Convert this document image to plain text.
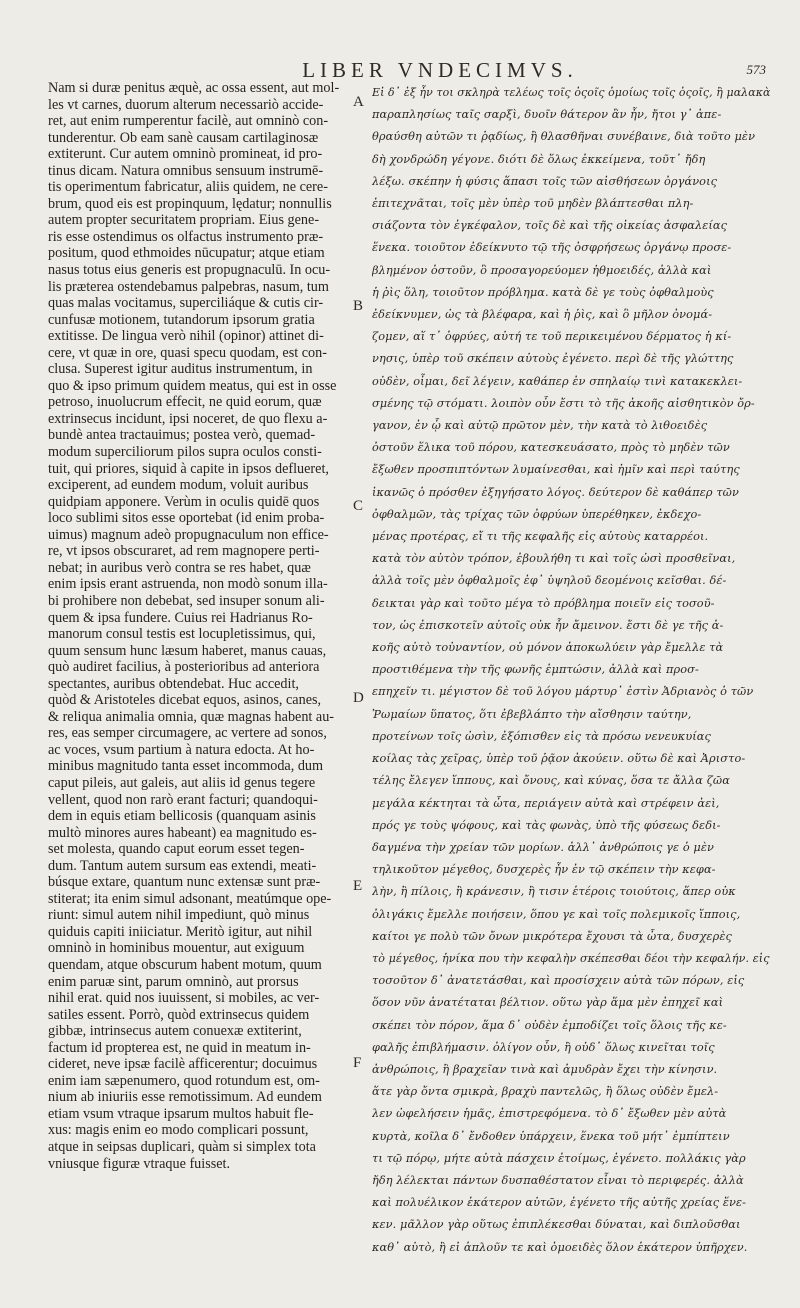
LIBER VNDECIMVS.	573
Nam si duræ penitus æquè, ac ossa essent, aut mol-
les vt carnes, duorum alterum necessariò accide-
ret, aut enim rumperentur facilè, aut omninò con-
tunderentur. Ob eam sanè causam cartilaginosæ
extiterunt. Cur autem omninò promineat, id pro-
tinus dicam. Natura omnibus sensuum instrumē-
tis operimentum fabricatur, aliis quidem, ne cere-
brum, quod eis est propinquum, lędatur; nonnullis
autem propter securitatem propriam. Eius gene-
ris esse ostendimus os olfactus instrumento præ-
positum, quod ethmoides nūcupatur; atque etiam
nasus totus eius generis est propugnaculū. In ocu-
lis præterea ostendebamus palpebras, nasum, tum
quas malas vocitamus, superciliáque & cutis cir-
cunfusæ motionem, tutandorum ipsorum gratia
extitisse. De lingua verò nihil (opinor) attinet di-
cere, vt quæ in ore, quasi specu quodam, est con-
clusa. Superest igitur auditus instrumentum, in
quo & ipso primum quidem meatus, qui est in osse
petroso, inuolucrum effecit, ne quid eorum, quæ
extrinsecus incidunt, ipsi noceret, de quo flexu a-
bundè antea tractauimus; postea verò, quemad-
modum superciliorum pilos supra oculos consti-
tuit, qui priores, siquid à capite in ipsos deflueret,
exciperent, ad eundem modum, voluit auribus
quidpiam apponere. Verùm in oculis quidē quos
loco sublimi sitos esse oportebat (id enim proba-
uimus) magnum adeò propugnaculum non effice-
re, vt ipsos obscuraret, ad rem magnopere perti-
nebat; in auribus verò contra se res habet, quæ
enim ipsis erant astruenda, non modò sonum illa-
bi prohibere non debebat, sed insuper sonum ali-
quem & ipsa fundere. Cuius rei Hadrianus Ro-
manorum consul testis est locupletissimus, qui,
quum sensum hunc læsum haberet, manus cauas,
quò audiret facilius, à posterioribus ad anteriora
spectantes, auribus obtendebat. Huc accedit,
quòd & Aristoteles dicebat equos, asinos, canes,
& reliqua animalia omnia, quæ magnas habent au-
res, eas semper circumagere, ac vertere ad sonos,
ac voces, vsum partium à natura edocta. At ho-
minibus magnitudo tanta esset incommoda, dum
caput pileis, aut galeis, aut aliis id genus tegere
vellent, quod non rarò erant facturi; quandoqui-
dem in equis etiam bellicosis (quanquam asinis
multò minores aures habeant) ea magnitudo es-
set molesta, quando caput eorum esset tegen-
dum. Tantum autem sursum eas extendi, meati-
búsque extare, quantum nunc extensæ sunt præ-
stiterat; ita enim simul adsonant, meatúmque ope-
riunt: simul autem nihil impediunt, quò minus
quiduis capiti iniiciatur. Meritò igitur, aut nihil
omninò in hominibus mouentur, aut exiguum
quendam, atque obscurum habent motum, quum
enim paruæ sint, parum omninò, aut prorsus
nihil erat. quid nos iuuissent, si mobiles, ac ver-
satiles essent. Porrò, quòd extrinsecus quidem
gibbæ, intrinsecus autem conuexæ extiterint,
factum id propterea est, ne quid in meatum in-
cideret, neve ipsæ facilè afficerentur; docuimus
enim iam sæpenumero, quod rotundum est, om-
nium ab iniuriis esse remotissimum. Ad eundem
etiam vsum vtraque ipsarum multos habuit fle-
xus: magis enim eo modo complicari possunt,
atque in seipsas duplicari, quàm si simplex tota
vniusque figuræ vtraque fuisset.
A
B
C
D
E
F
Εἰ δ᾽ ἐξ ἦν τοι σκληρὰ τελέως τοῖς ὀςοῖς ὁμοίως τοῖς ὀςοῖς, ἢ μαλακὰ
παραπλησίως ταῖς σαρξὶ, δυοῖν θάτερον ἂν ἦν, ἤτοι γ᾽ ἀπε-
θραύσθη αὐτῶν τι ῥᾳδίως, ἢ θλασθῆναι συνέβαινε, διὰ τοῦτο μὲν
δὴ χονδρώδη γέγονε. διότι δὲ ὅλως ἐκκείμενα, τοῦτ᾽ ἤδη
λέξω. σκέπην ἡ φύσις ἅπασι τοῖς τῶν αἰσθήσεων ὀργάνοις
ἐπιτεχνᾶται, τοῖς μὲν ὑπὲρ τοῦ μηδὲν βλάπτεσθαι πλη-
σιάζοντα τὸν ἐγκέφαλον, τοῖς δὲ καὶ τῆς οἰκείας ἀσφαλείας
ἕνεκα. τοιοῦτον ἐδείκνυτο τῷ τῆς ὀσφρήσεως ὀργάνῳ προσε-
βλημένον ὀστοῦν, ὃ προσαγορεύομεν ἠθμοειδές, ἀλλὰ καὶ
ἡ ῥὶς ὅλη, τοιοῦτον πρόβλημα. κατὰ δὲ γε τοὺς ὀφθαλμοὺς
ἐδείκνυμεν, ὡς τὰ βλέφαρα, καὶ ἡ ῥὶς, καὶ ὃ μῆλον ὀνομά-
ζομεν, αἵ τ᾽ ὀφρύες, αὐτή τε τοῦ περικειμένου δέρματος ἡ κί-
νησις, ὑπὲρ τοῦ σκέπειν αὐτοὺς ἐγένετο. περὶ δὲ τῆς γλώττης
οὐδὲν, οἶμαι, δεῖ λέγειν, καθάπερ ἐν σπηλαίῳ τινὶ κατακεκλει-
σμένης τῷ στόματι. λοιπὸν οὖν ἔστι τὸ τῆς ἀκοῆς αἰσθητικὸν ὄρ-
γανον, ἐν ᾧ καὶ αὐτῷ πρῶτον μὲν, τὴν κατὰ τὸ λιθοειδὲς
ὀστοῦν ἕλικα τοῦ πόρου, κατεσκευάσατο, πρὸς τὸ μηδὲν τῶν
ἔξωθεν προσπιπτόντων λυμαίνεσθαι, καὶ ἡμῖν καὶ περὶ ταύτης
ἱκανῶς ὁ πρόσθεν ἐξηγήσατο λόγος. δεύτερον δὲ καθάπερ τῶν
ὀφθαλμῶν, τὰς τρίχας τῶν ὀφρύων ὑπερέθηκεν, ἐκδεχο-
μένας προτέρας, εἴ τι τῆς κεφαλῆς εἰς αὐτοὺς καταρρέοι.
κατὰ τὸν αὐτὸν τρόπον, ἐβουλήθη τι καὶ τοῖς ὠσὶ προσθεῖναι,
ἀλλὰ τοῖς μὲν ὀφθαλμοῖς ἐφ᾽ ὑψηλοῦ δεομένοις κεῖσθαι. δέ-
δεικται γὰρ καὶ τοῦτο μέγα τὸ πρόβλημα ποιεῖν εἰς τοσοῦ-
τον, ὡς ἐπισκοτεῖν αὐτοῖς οὐκ ἦν ἄμεινον. ἔστι δὲ γε τῆς ἀ-
κοῆς αὐτὸ τοὐναντίον, οὐ μόνον ἀποκωλύειν γὰρ ἔμελλε τὰ
προστιθέμενα τὴν τῆς φωνῆς ἐμπτώσιν, ἀλλὰ καὶ προσ-
επηχεῖν τι. μέγιστον δὲ τοῦ λόγου μάρτυρ᾽ ἐστὶν Ἀδριανὸς ὁ τῶν
Ῥωμαίων ὕπατος, ὅτι ἐβεβλάπτο τὴν αἴσθησιν ταύτην,
προτείνων τοῖς ὠσὶν, ἐξόπισθεν εἰς τὰ πρόσω νενευκυίας
κοίλας τὰς χεῖρας, ὑπὲρ τοῦ ῥᾷον ἀκούειν. οὕτω δὲ καὶ Ἀριστο-
τέλης ἔλεγεν ἵππους, καὶ ὄνους, καὶ κύνας, ὅσα τε ἄλλα ζῶα
μεγάλα κέκτηται τὰ ὦτα, περιάγειν αὐτὰ καὶ στρέφειν ἀεὶ,
πρός γε τοὺς ψόφους, καὶ τὰς φωνὰς, ὑπὸ τῆς φύσεως δεδι-
δαγμένα τὴν χρείαν τῶν μορίων. ἀλλ᾽ ἀνθρώποις γε ὁ μὲν
τηλικοῦτον μέγεθος, δυσχερὲς ἦν ἐν τῷ σκέπειν τὴν κεφα-
λὴν, ἢ πίλοις, ἢ κράνεσιν, ἢ τισιν ἑτέροις τοιούτοις, ἅπερ οὐκ
ὀλιγάκις ἔμελλε ποιήσειν, ὅπου γε καὶ τοῖς πολεμικοῖς ἵπποις,
καίτοι γε πολὺ τῶν ὄνων μικρότερα ἔχουσι τὰ ὦτα, δυσχερὲς
τὸ μέγεθος, ἡνίκα που τὴν κεφαλὴν σκέπεσθαι δέοι τὴν κεφαλήν. εἰς
τοσοῦτον δ᾽ ἀνατετάσθαι, καὶ προσίσχειν αὐτὰ τῶν πόρων, εἰς
ὅσον νῦν ἀνατέταται βέλτιον. οὕτω γὰρ ἅμα μὲν ἐπηχεῖ καὶ
σκέπει τὸν πόρον, ἅμα δ᾽ οὐδὲν ἐμποδίζει τοῖς ὅλοις τῆς κε-
φαλῆς ἐπιβλήμασιν. ὀλίγον οὖν, ἢ οὐδ᾽ ὅλως κινεῖται τοῖς
ἀνθρώποις, ἢ βραχεῖαν τινὰ καὶ ἀμυδρὰν ἔχει τὴν κίνησιν.
ἅτε γὰρ ὄντα σμικρὰ, βραχὺ παντελῶς, ἢ ὅλως οὐδὲν ἔμελ-
λεν ὠφελήσειν ἡμᾶς, ἐπιστρεφόμενα. τὸ δ᾽ ἔξωθεν μὲν αὐτὰ
κυρτὰ, κοῖλα δ᾽ ἔνδοθεν ὑπάρχειν, ἕνεκα τοῦ μήτ᾽ ἐμπίπτειν
τι τῷ πόρῳ, μήτε αὐτὰ πάσχειν ἐτοίμως, ἐγένετο. πολλάκις γὰρ
ἤδη λέλεκται πάντων δυσπαθέστατον εἶναι τὸ περιφερές. ἀλλὰ
καὶ πολυέλικον ἑκάτερον αὐτῶν, ἐγένετο τῆς αὐτῆς χρείας ἕνε-
κεν. μᾶλλον γὰρ οὕτως ἐπιπλέκεσθαι δύναται, καὶ διπλοῦσθαι
καθ᾽ αὑτὸ, ἢ εἰ ἁπλοῦν τε καὶ ὁμοειδὲς ὅλον ἑκάτερον ὑπῆρχεν.
